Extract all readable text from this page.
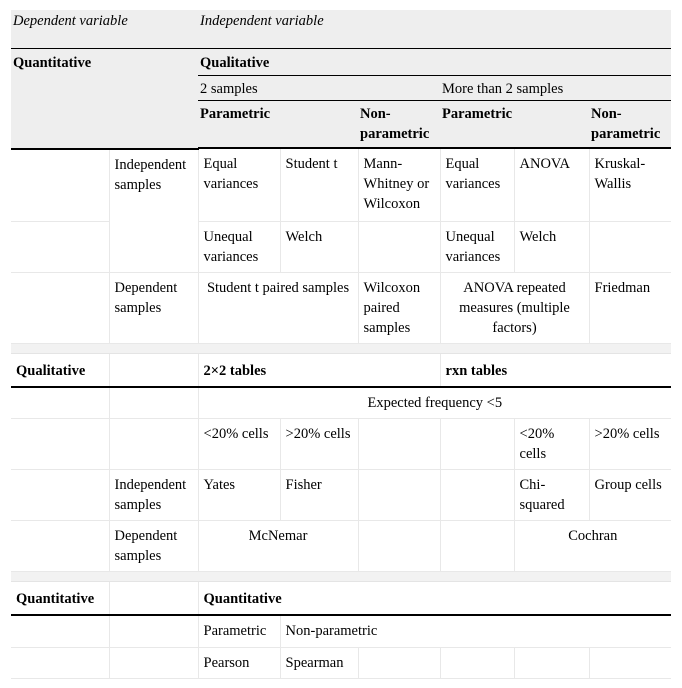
Dependent variable		Independent variable					
Quantitative		Qualitative					
		2 samples			More than 2 samples		
		Parametric		Non-parametric	Parametric		Non-parametric

	Independent samples	Equal variances	Student t	Mann-Whitney or Wilcoxon	Equal variances	ANOVA	Kruskal-Wallis
		Unequal variances	Welch		Unequal variances	Welch	
	Dependent samples	Student t paired samples		Wilcoxon paired samples	ANOVA repeated measures (multiple factors)		Friedman

Qualitative		2×2 tables			rxn tables		
		Expected frequency <5					
		<20% cells	>20% cells			<20% cells	>20% cells
	Independent samples	Yates	Fisher			Chi-squared	Group cells
	Dependent samples	McNemar				Cochran	

Quantitative		Quantitative					
		Parametric	Non-parametric				
		Pearson	Spearman				
